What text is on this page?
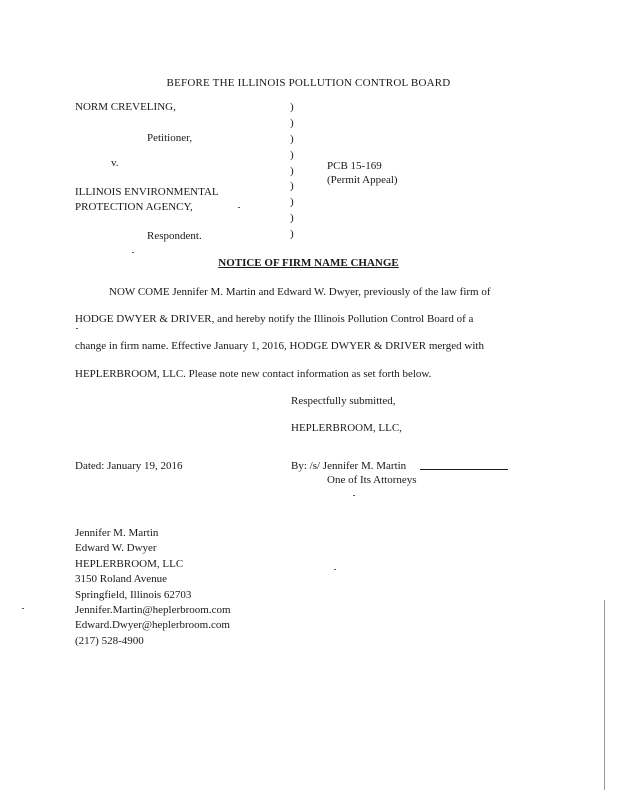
BEFORE THE ILLINOIS POLLUTION CONTROL BOARD
NORM CREVELING,
Petitioner,
v.
ILLINOIS ENVIRONMENTAL
PROTECTION AGENCY,
Respondent.
)
)
)
)
)
)
)
)
)
PCB 15-169
(Permit Appeal)
NOTICE OF FIRM NAME CHANGE
NOW COME Jennifer M. Martin and Edward W. Dwyer, previously of the law firm of
HODGE DWYER & DRIVER, and hereby notify the Illinois Pollution Control Board of a
change in firm name. Effective January 1, 2016, HODGE DWYER & DRIVER merged with
HEPLERBROOM, LLC. Please note new contact information as set forth below.
Respectfully submitted,
HEPLERBROOM, LLC,
Dated: January 19, 2016	By: /s/ Jennifer M. Martin
One of Its Attorneys
Jennifer M. Martin
Edward W. Dwyer
HEPLERBROOM, LLC
3150 Roland Avenue
Springfield, Illinois 62703
Jennifer.Martin@heplerbroom.com
Edward.Dwyer@heplerbroom.com
(217) 528-4900
